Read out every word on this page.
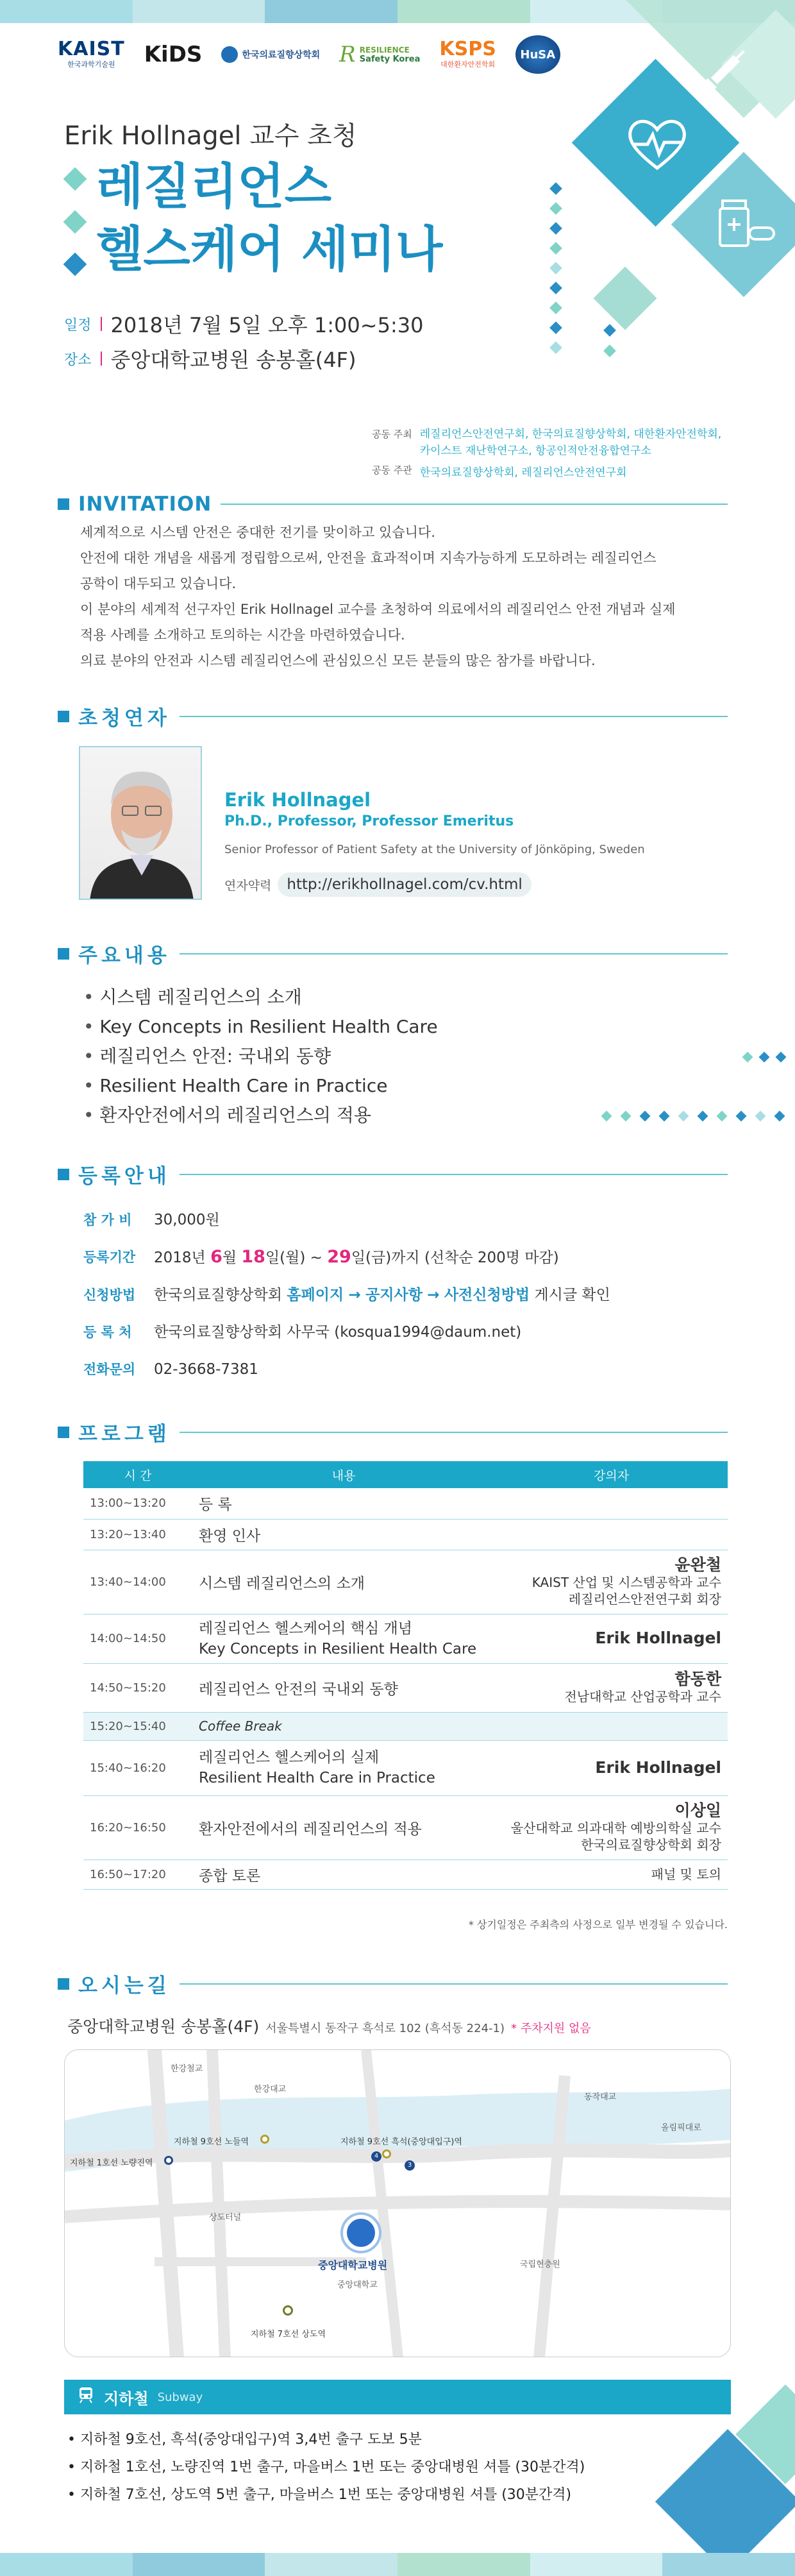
KAIST
한국과학기술원	KiDS	한국의료질향상학회 R RESILIENCE
Safety Korea KSPS
대한환자안전학회
HuSA
Erik Hollnagel 교수 초청
레질리언스
헬스케어 세미나
일정 2018년 7월 5일 오후 1:00~5:30
장소 중앙대학교병원 송봉홀(4F)
공동 주최 레질리언스안전연구회, 한국의료질향상학회, 대한환자안전학회,
카이스트 재난학연구소, 항공인적안전융합연구소
공동 주관 한국의료질향상학회, 레질리언스안전연구회
INVITATION
세계적으로 시스템 안전은 중대한 전기를 맞이하고 있습니다.
안전에 대한 개념을 새롭게 정립함으로써, 안전을 효과적이며 지속가능하게 도모하려는 레질리언스
공학이 대두되고 있습니다.
이 분야의 세계적 선구자인 Erik Hollnagel 교수를 초청하여 의료에서의 레질리언스 안전 개념과 실제
적용 사례를 소개하고 토의하는 시간을 마련하였습니다.
의료 분야의 안전과 시스템 레질리언스에 관심있으신 모든 분들의 많은 참가를 바랍니다.
초청연자
Erik Hollnagel
Ph.D., Professor, Professor Emeritus
Senior Professor of Patient Safety at the University of Jönköping, Sweden
연자약력	http://erikhollnagel.com/cv.html
주요내용
• 시스템 레질리언스의 소개
• Key Concepts in Resilient Health Care
• 레질리언스 안전: 국내외 동향
• Resilient Health Care in Practice
• 환자안전에서의 레질리언스의 적용
등록안내
참 가 비	30,000원
등록기간	2018년 6월 18일(월) ~ 29일(금)까지 (선착순 200명 마감)
신청방법	한국의료질향상학회 홈페이지 → 공지사항 → 사전신청방법 게시글 확인
등 록 처	한국의료질향상학회 사무국 (kosqua1994@daum.net)
전화문의	02-3668-7381
프로그램
시 간	내용	강의자
13:00~13:20	등 록	
13:20~13:40	환영 인사	
13:40~14:00	시스템 레질리언스의 소개	윤완철
KAIST 산업 및 시스템공학과 교수
레질리언스안전연구회 회장

14:00~14:50	레질리언스 헬스케어의 핵심 개념
Key Concepts in Resilient Health Care	Erik Hollnagel
14:50~15:20	레질리언스 안전의 국내외 동향	함동한
전남대학교 산업공학과 교수

15:20~15:40	Coffee Break	
15:40~16:20	레질리언스 헬스케어의 실제
Resilient Health Care in Practice	Erik Hollnagel
16:20~16:50	환자안전에서의 레질리언스의 적용	이상일
울산대학교 의과대학 예방의학실 교수
한국의료질향상학회 회장

16:50~17:20	종합 토론	패널 및 토의
* 상기일정은 주최측의 사정으로 일부 변경될 수 있습니다.
오시는길
중앙대학교병원 송봉홀(4F) 서울특별시 동작구 흑석로 102 (흑석동 224-1) * 주차지원 없음
한강철교
한강대교
동작대교
올림픽대로
지하철 9호선 노들역	지하철 9호선 흑석(중앙대입구)역
4
3
지하철 1호선 노량진역
상도터널
중앙대학교병원
중앙대학교
국립현충원
지하철 7호선 상도역
지하철 Subway
• 지하철 9호선, 흑석(중앙대입구)역 3,4번 출구 도보 5분
• 지하철 1호선, 노량진역 1번 출구, 마을버스 1번 또는 중앙대병원 셔틀 (30분간격)
• 지하철 7호선, 상도역 5번 출구, 마을버스 1번 또는 중앙대병원 셔틀 (30분간격)
